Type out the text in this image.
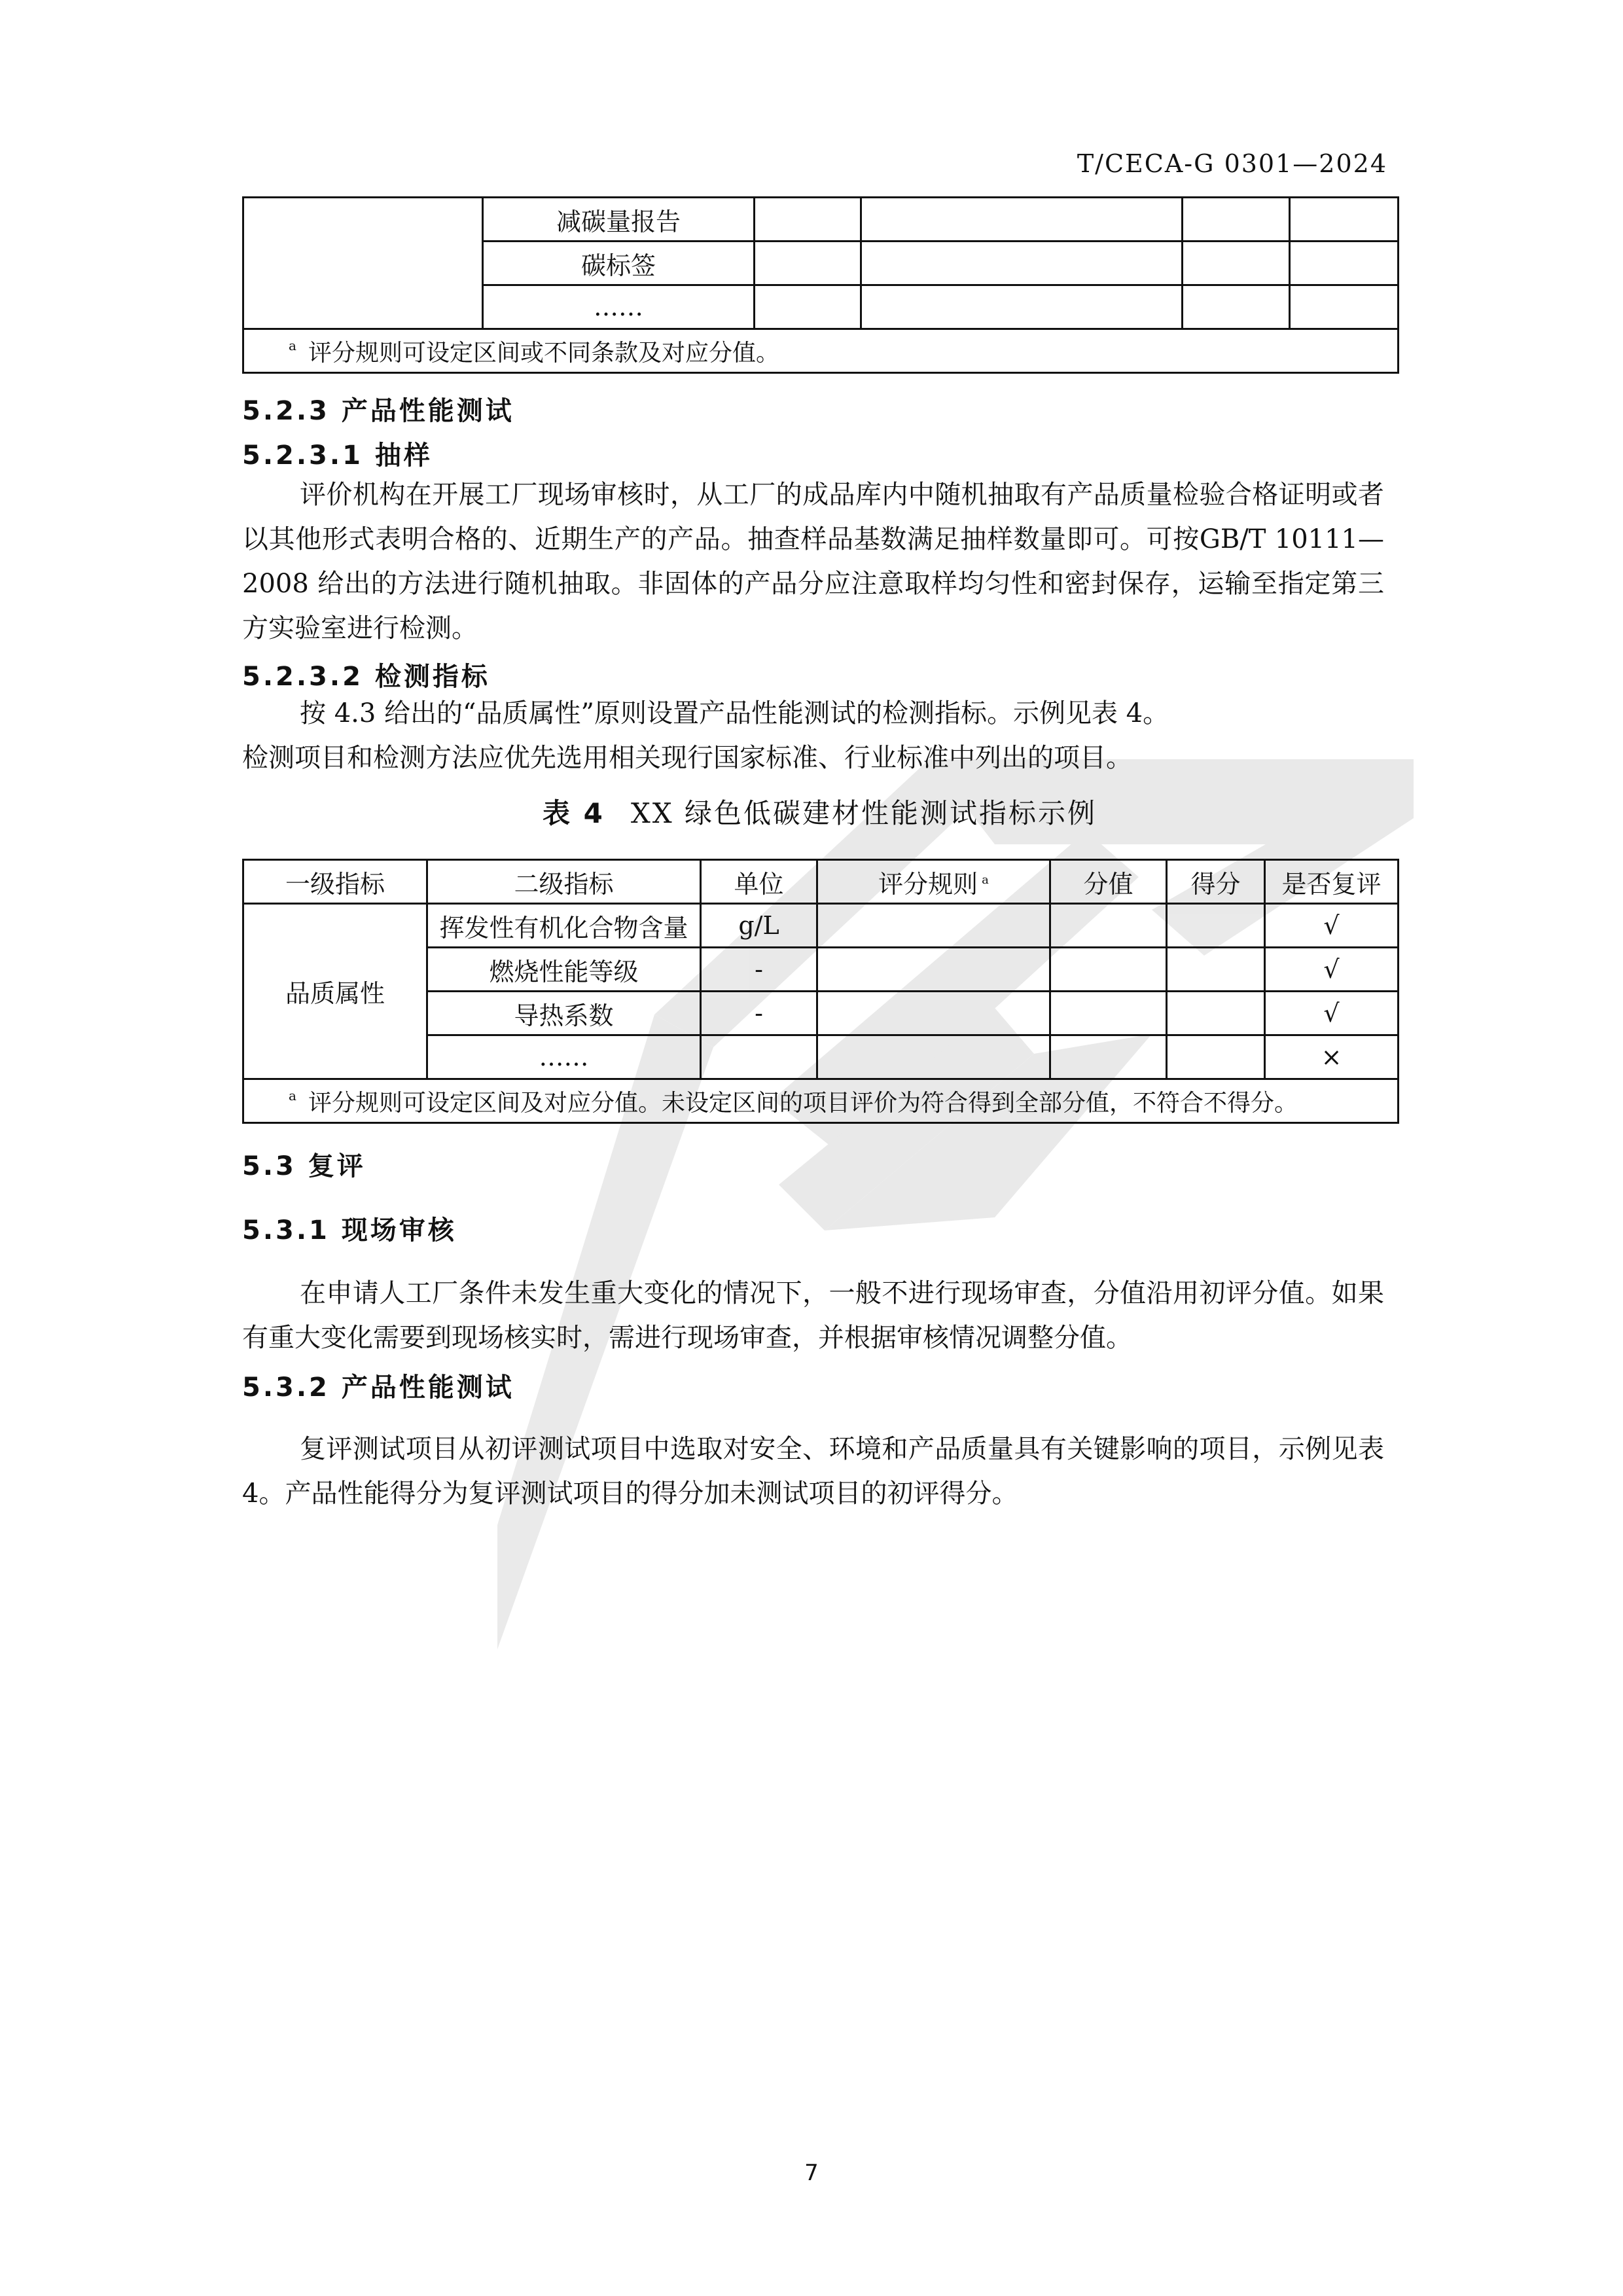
T/CECA-G 0301—2024
	减碳量报告				
	碳标签				
	……				
$^a$ 评分规则可设定区间或不同条款及对应分值。					
5.2.3 产品性能测试
5.2.3.1 抽样
评价机构在开展工厂现场审核时，从工厂的成品库内中随机抽取有产品质量检验合格证明或者以其他形式表明合格的、近期生产的产品。抽查样品基数满足抽样数量即可。可按GB/T 10111—2008 给出的方法进行随机抽取。非固体的产品分应注意取样均匀性和密封保存，运输至指定第三方实验室进行检测。
5.2.3.2 检测指标
按 4.3 给出的“品质属性”原则设置产品性能测试的检测指标。示例见表 4。
检测项目和检测方法应优先选用相关现行国家标准、行业标准中列出的项目。
表 4 XX 绿色低碳建材性能测试指标示例
一级指标	二级指标	单位	评分规则 $^a$	分值	得分	是否复评
品质属性	挥发性有机化合物含量	g/L				√
	燃烧性能等级	-				√
	导热系数	-				√
	……					×
$^a$ 评分规则可设定区间及对应分值。未设定区间的项目评价为符合得到全部分值，不符合不得分。						
5.3 复评
5.3.1 现场审核
在申请人工厂条件未发生重大变化的情况下，一般不进行现场审查，分值沿用初评分值。如果有重大变化需要到现场核实时，需进行现场审查，并根据审核情况调整分值。
5.3.2 产品性能测试
复评测试项目从初评测试项目中选取对安全、环境和产品质量具有关键影响的项目，示例见表 4。产品性能得分为复评测试项目的得分加未测试项目的初评得分。
7
